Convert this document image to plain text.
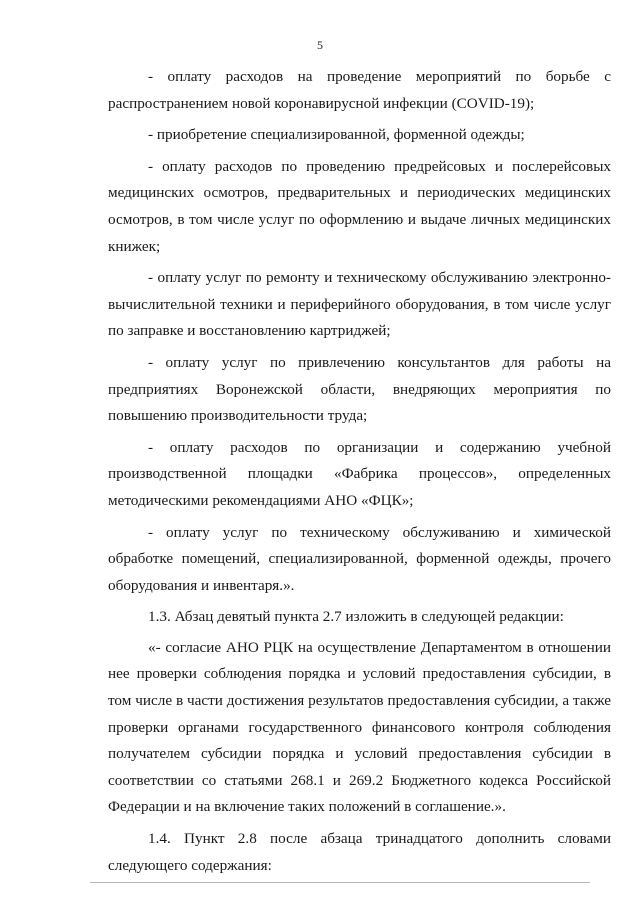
5

- оплату расходов на проведение мероприятий по борьбе с распространением новой коронавирусной инфекции (COVID-19);

- приобретение специализированной, форменной одежды;

- оплату расходов по проведению предрейсовых и послерейсовых медицинских осмотров, предварительных и периодических медицинских осмотров, в том числе услуг по оформлению и выдаче личных медицинских книжек;

- оплату услуг по ремонту и техническому обслуживанию электронно-вычислительной техники и периферийного оборудования, в том числе услуг по заправке и восстановлению картриджей;

- оплату услуг по привлечению консультантов для работы на предприятиях Воронежской области, внедряющих мероприятия по повышению производительности труда;

- оплату расходов по организации и содержанию учебной производственной площадки «Фабрика процессов», определенных методическими рекомендациями АНО «ФЦК»;

- оплату услуг по техническому обслуживанию и химической обработке помещений, специализированной, форменной одежды, прочего оборудования и инвентаря.».

1.3. Абзац девятый пункта 2.7 изложить в следующей редакции:

«- согласие АНО РЦК на осуществление Департаментом в отношении нее проверки соблюдения порядка и условий предоставления субсидии, в том числе в части достижения результатов предоставления субсидии, а также проверки органами государственного финансового контроля соблюдения получателем субсидии порядка и условий предоставления субсидии в соответствии со статьями 268.1 и 269.2 Бюджетного кодекса Российской Федерации и на включение таких положений в соглашение.».

1.4. Пункт 2.8 после абзаца тринадцатого дополнить словами следующего содержания:
